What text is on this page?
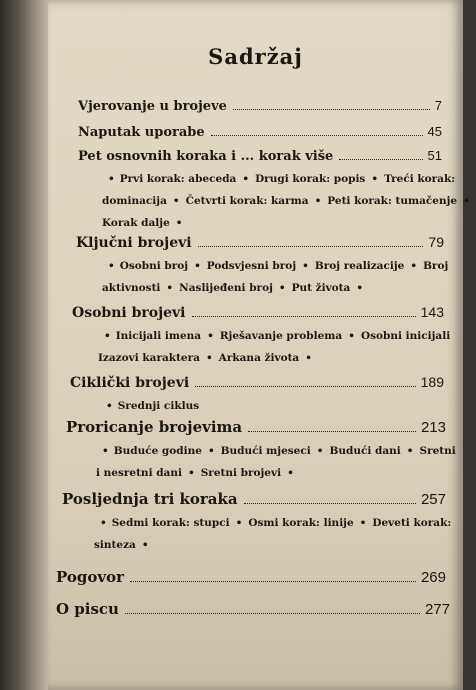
Sadržaj
Vjerovanje u brojeve	7
Naputak uporabe	45
Pet osnovnih koraka i ... korak više	51
• Prvi korak: abeceda • Drugi korak: popis • Treći korak:
dominacija • Četvrti korak: karma • Peti korak: tumačenje •
Korak dalje •
Ključni brojevi	79
• Osobni broj • Podsvjesni broj • Broj realizacije • Broj
aktivnosti • Naslijeđeni broj • Put života •
Osobni brojevi	143
• Inicijali imena • Rješavanje problema • Osobni inicijali
Izazovi karaktera • Arkana života •
Ciklički brojevi	189
• Srednji ciklus
Proricanje brojevima	213
• Buduće godine • Budući mjeseci • Budući dani • Sretni
i nesretni dani • Sretni brojevi •
Posljednja tri koraka	257
• Sedmi korak: stupci • Osmi korak: linije • Deveti korak:
sinteza •
Pogovor	269
O piscu	277
